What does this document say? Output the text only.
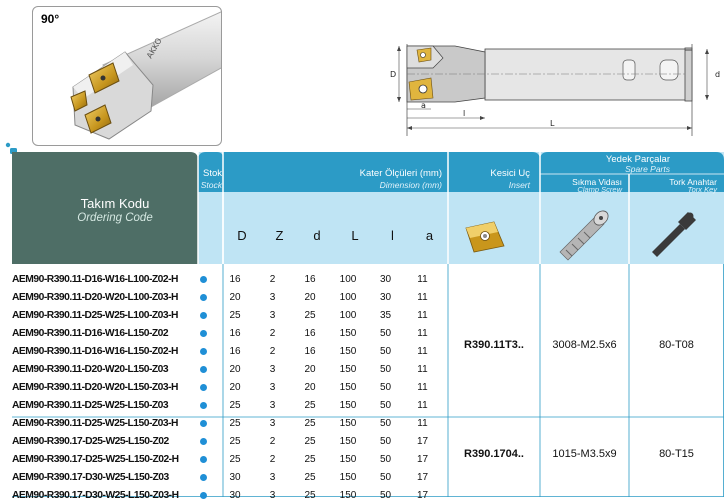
AKKO
90°
D	d
a
l
L
Takım Kodu
Ordering Code
Stok
Stock
Kater Ölçüleri (mm)
Dimension (mm)
Kesici Uç
Insert
Yedek Parçalar
Spare Parts
Sıkma Vidası
Clamp Screw
Tork Anahtar
Torx Key
D	Z	d	L	l	a
AEM90-R390.11-D16-W16-L100-Z02-H		16	2	16	100	30	11
AEM90-R390.11-D20-W20-L100-Z03-H		20	3	20	100	30	11
AEM90-R390.11-D25-W25-L100-Z03-H		25	3	25	100	35	11
AEM90-R390.11-D16-W16-L150-Z02		16	2	16	150	50	11
AEM90-R390.11-D16-W16-L150-Z02-H		16	2	16	150	50	11
AEM90-R390.11-D20-W20-L150-Z03		20	3	20	150	50	11
AEM90-R390.11-D20-W20-L150-Z03-H		20	3	20	150	50	11
AEM90-R390.11-D25-W25-L150-Z03		25	3	25	150	50	11
AEM90-R390.11-D25-W25-L150-Z03-H		25	3	25	150	50	11
AEM90-R390.17-D25-W25-L150-Z02		25	2	25	150	50	17
AEM90-R390.17-D25-W25-L150-Z02-H		25	2	25	150	50	17
AEM90-R390.17-D30-W25-L150-Z03		30	3	25	150	50	17
AEM90-R390.17-D30-W25-L150-Z03-H		30	3	25	150	50	17
R390.11T3..	3008-M2.5x6	80-T08
R390.1704..	1015-M3.5x9	80-T15
